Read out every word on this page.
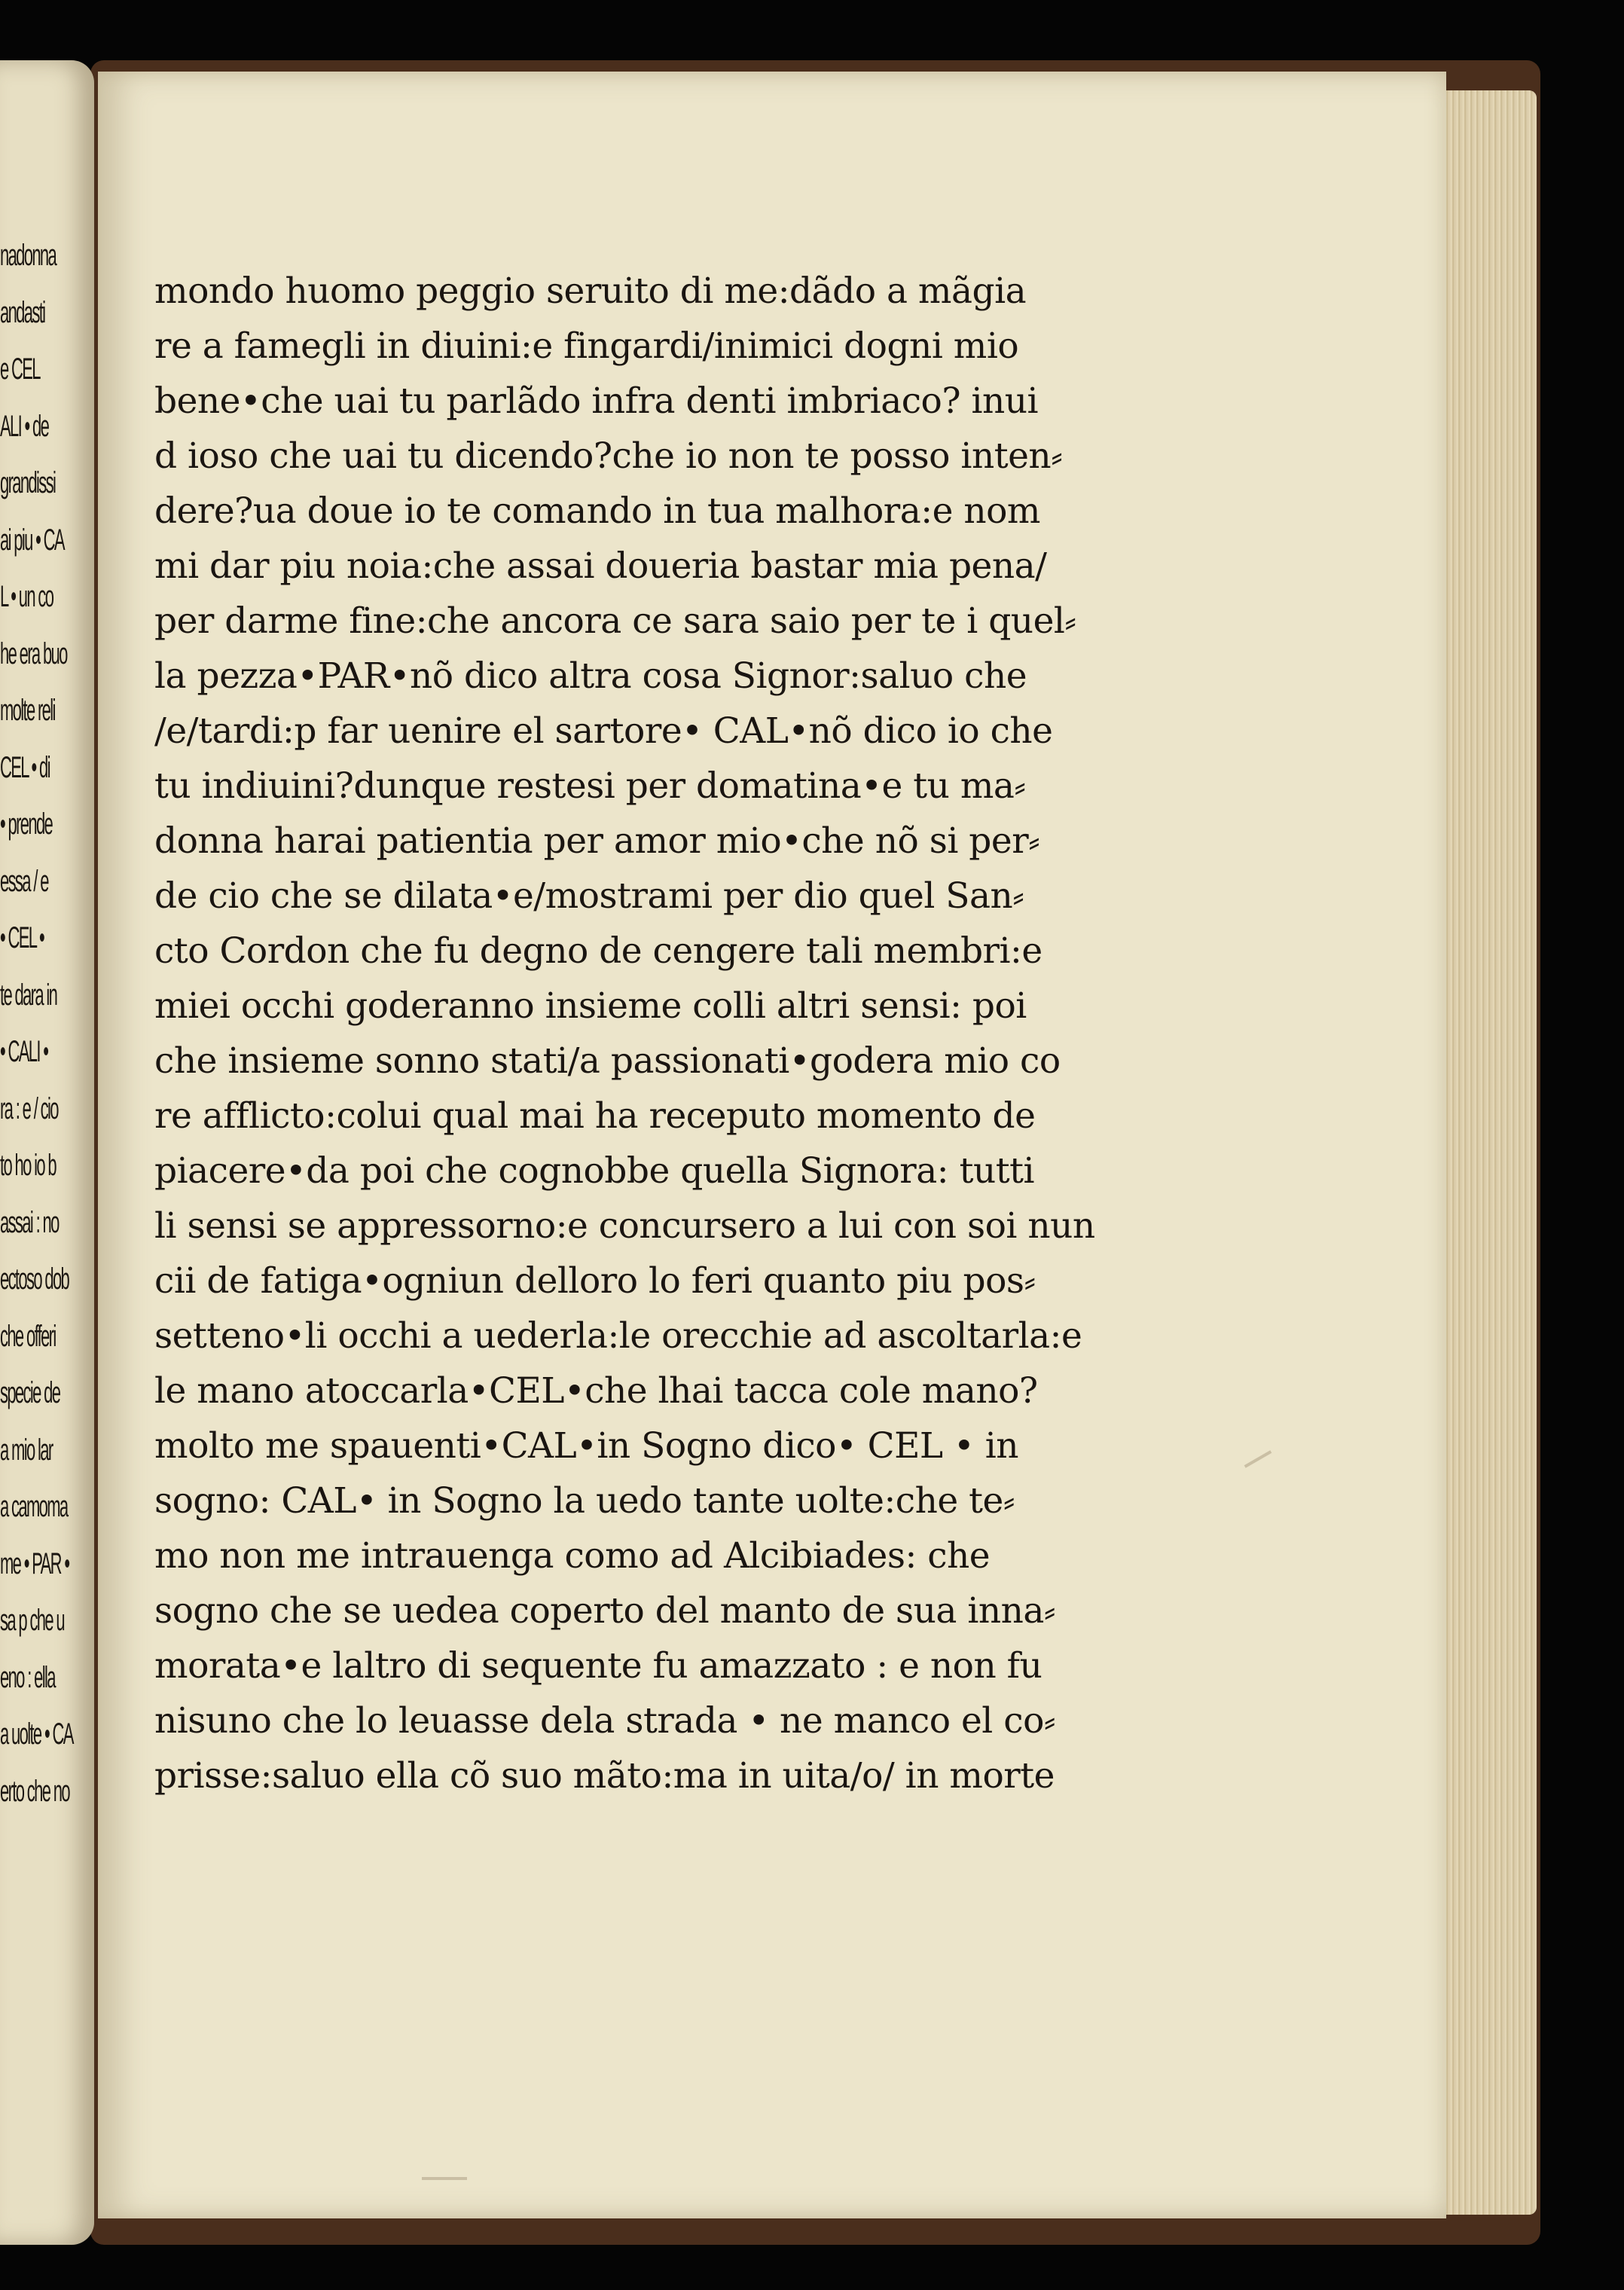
nadonna
andasti
e CEL
ALI • de
grandissi
ai piu • CA
L • un co
he era buo
molte reli
CEL • di
• prende
essa / e
• CEL •
te dara in
• CALI •
ra : e / cio
to ho io b
assai : no
ectoso dob
che offeri
specie de
a mio lar
a camoma
me • PAR •
sa p che u
eno : ella
a uolte • CA
erto che no
mondo huomo peggio seruito di me:dãdo a mãgia
re a famegli in diuini:e fingardi/inimici dogni mio
bene•che uai tu parlãdo infra denti imbriaco? inui
d ioso che uai tu dicendo?che io non te posso inten⸗
dere?ua doue io te comando in tua malhora:e nom
mi dar piu noia:che assai doueria bastar mia pena/
per darme fine:che ancora ce sara saio per te i quel⸗
la pezza•PAR•nõ dico altra cosa Signor:saluo che
/e/tardi:p far uenire el sartore• CAL•nõ dico io che
tu indiuini?dunque restesi per domatina•e tu ma⸗
donna harai patientia per amor mio•che nõ si per⸗
de cio che se dilata•e/mostrami per dio quel San⸗
cto Cordon che fu degno de cengere tali membri:e
miei occhi goderanno insieme colli altri sensi: poi
che insieme sonno stati/a passionati•godera mio co
re afflicto:colui qual mai ha receputo momento de
piacere•da poi che cognobbe quella Signora: tutti
li sensi se appressorno:e concursero a lui con soi nun
cii de fatiga•ogniun delloro lo feri quanto piu pos⸗
setteno•li occhi a uederla:le orecchie ad ascoltarla:e
le mano atoccarla•CEL•che lhai tacca cole mano?
molto me spauenti•CAL•in Sogno dico• CEL • in
sogno: CAL• in Sogno la uedo tante uolte:che te⸗
mo non me intrauenga como ad Alcibiades: che
sogno che se uedea coperto del manto de sua inna⸗
morata•e laltro di sequente fu amazzato : e non fu
nisuno che lo leuasse dela strada • ne manco el co⸗
prisse:saluo ella cõ suo mãto:ma in uita/o/ in morte
